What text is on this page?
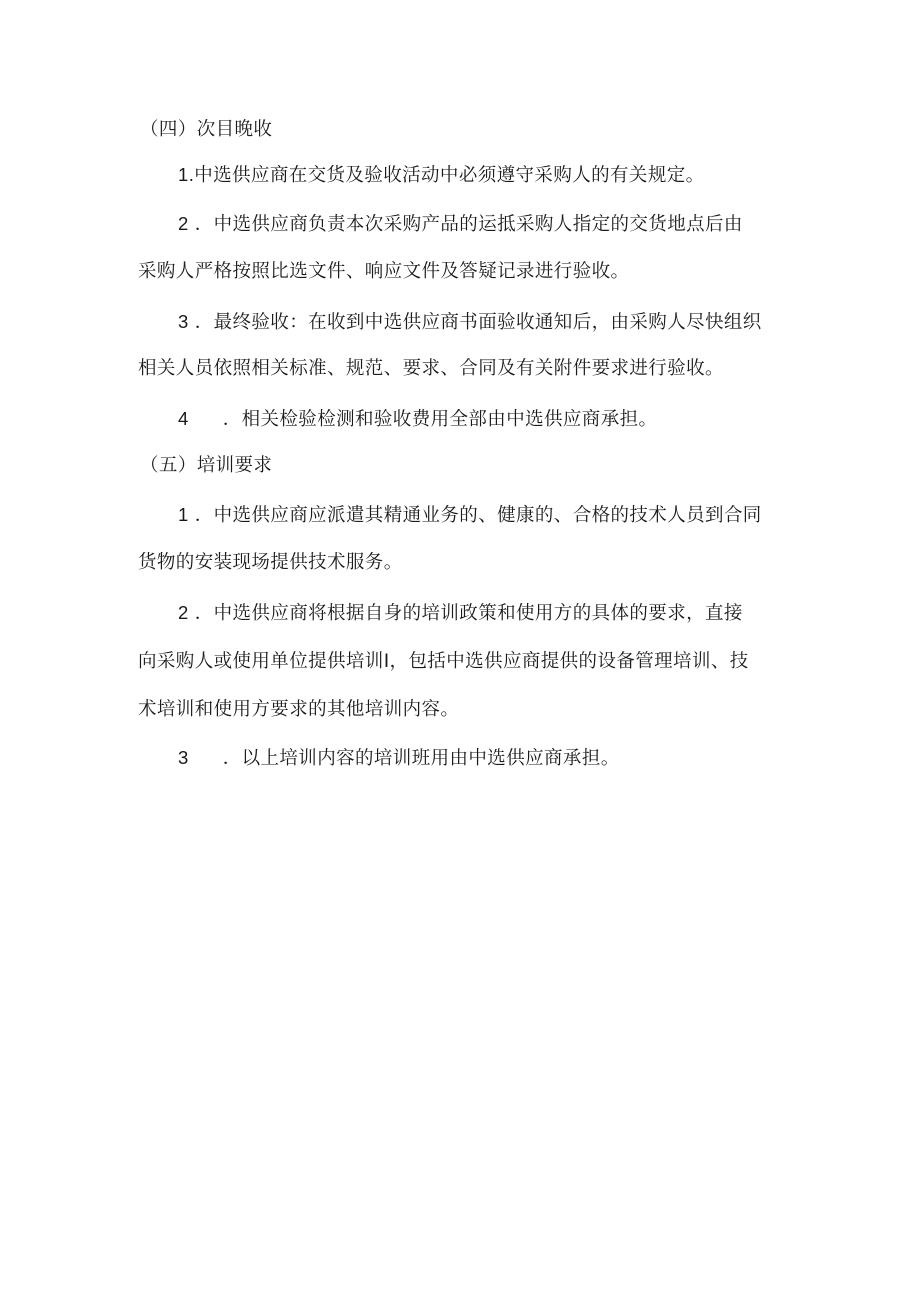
（四）次目晚收
1.中选供应商在交货及验收活动中必须遵守采购人的有关规定。
2 ．中选供应商负责本次采购产品的运抵采购人指定的交货地点后由
采购人严格按照比选文件、响应文件及答疑记录进行验收。
3 ．最终验收：在收到中选供应商书面验收通知后，由采购人尽快组织
相关人员依照相关标准、规范、要求、合同及有关附件要求进行验收。
4 ．相关检验检测和验收费用全部由中选供应商承担。
（五）培训要求
1 ．中选供应商应派遣其精通业务的、健康的、合格的技术人员到合同
货物的安装现场提供技术服务。
2 ．中选供应商将根据自身的培训政策和使用方的具体的要求，直接
向采购人或使用单位提供培训I，包括中选供应商提供的设备管理培训、技
术培训和使用方要求的其他培训内容。
3 ．以上培训内容的培训班用由中选供应商承担。
